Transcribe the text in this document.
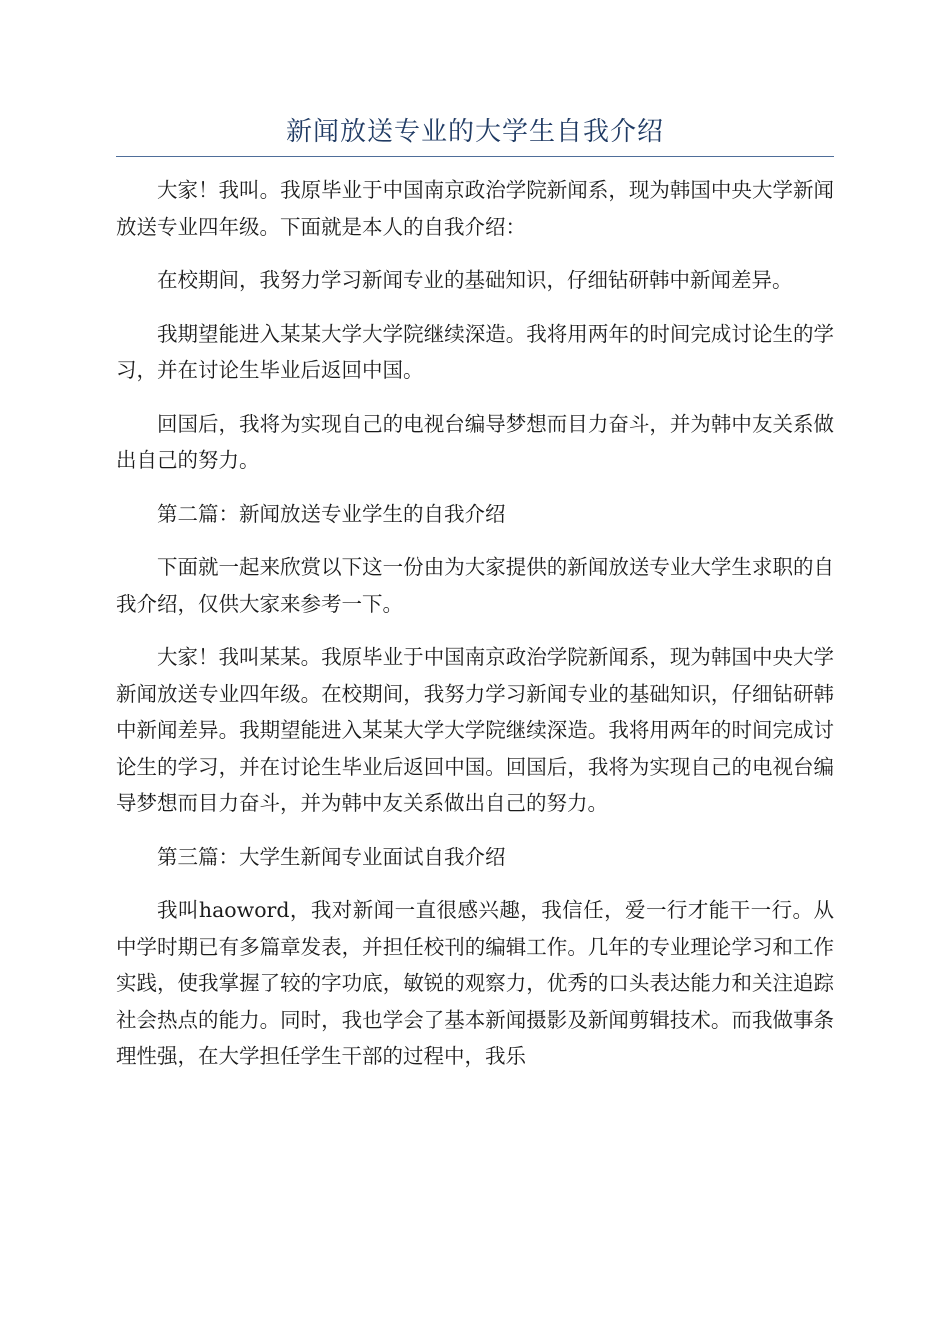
新闻放送专业的大学生自我介绍

大家！我叫。我原毕业于中国南京政治学院新闻系，现为韩国中央大学新闻放送专业四年级。下面就是本人的自我介绍：

在校期间，我努力学习新闻专业的基础知识，仔细钻研韩中新闻差异。

我期望能进入某某大学大学院继续深造。我将用两年的时间完成讨论生的学习，并在讨论生毕业后返回中国。

回国后，我将为实现自己的电视台编导梦想而目力奋斗，并为韩中友关系做出自己的努力。

第二篇：新闻放送专业学生的自我介绍

下面就一起来欣赏以下这一份由为大家提供的新闻放送专业大学生求职的自我介绍，仅供大家来参考一下。

大家！我叫某某。我原毕业于中国南京政治学院新闻系，现为韩国中央大学新闻放送专业四年级。在校期间，我努力学习新闻专业的基础知识，仔细钻研韩中新闻差异。我期望能进入某某大学大学院继续深造。我将用两年的时间完成讨论生的学习，并在讨论生毕业后返回中国。回国后，我将为实现自己的电视台编导梦想而目力奋斗，并为韩中友关系做出自己的努力。

第三篇：大学生新闻专业面试自我介绍

我叫haoword，我对新闻一直很感兴趣，我信任，爱一行才能干一行。从中学时期已有多篇章发表，并担任校刊的编辑工作。几年的专业理论学习和工作实践，使我掌握了较的字功底，敏锐的观察力，优秀的口头表达能力和关注追踪社会热点的能力。同时，我也学会了基本新闻摄影及新闻剪辑技术。而我做事条理性强，在大学担任学生干部的过程中，我乐
